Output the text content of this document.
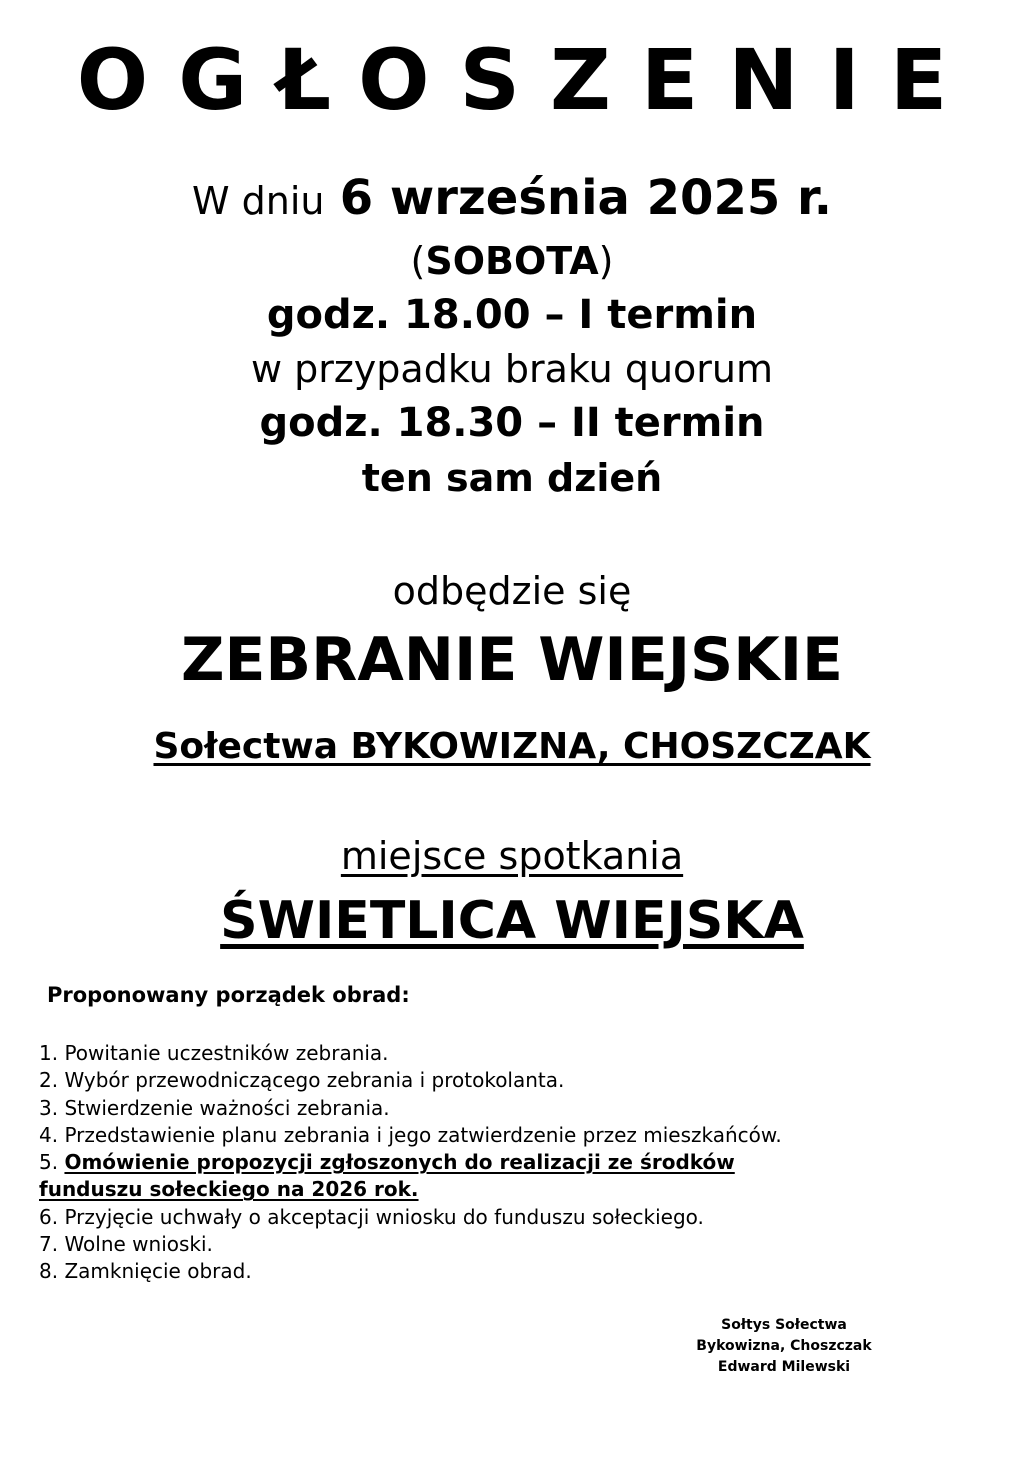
OGŁOSZENIE
W dniu 6 września 2025 r.
(SOBOTA)
godz. 18.00 – I termin
w przypadku braku quorum
godz. 18.30 – II termin
ten sam dzień
odbędzie się
ZEBRANIE WIEJSKIE
Sołectwa BYKOWIZNA, CHOSZCZAK
miejsce spotkania
ŚWIETLICA WIEJSKA
Proponowany porządek obrad:
1. Powitanie uczestników zebrania.
2. Wybór przewodniczącego zebrania i protokolanta.
3. Stwierdzenie ważności zebrania.
4. Przedstawienie planu zebrania i jego zatwierdzenie przez mieszkańców.
5. Omówienie propozycji zgłoszonych do realizacji ze środków
funduszu sołeckiego na 2026 rok.
6. Przyjęcie uchwały o akceptacji wniosku do funduszu sołeckiego.
7. Wolne wnioski.
8. Zamknięcie obrad.
Sołtys Sołectwa
Bykowizna, Choszczak
Edward Milewski
